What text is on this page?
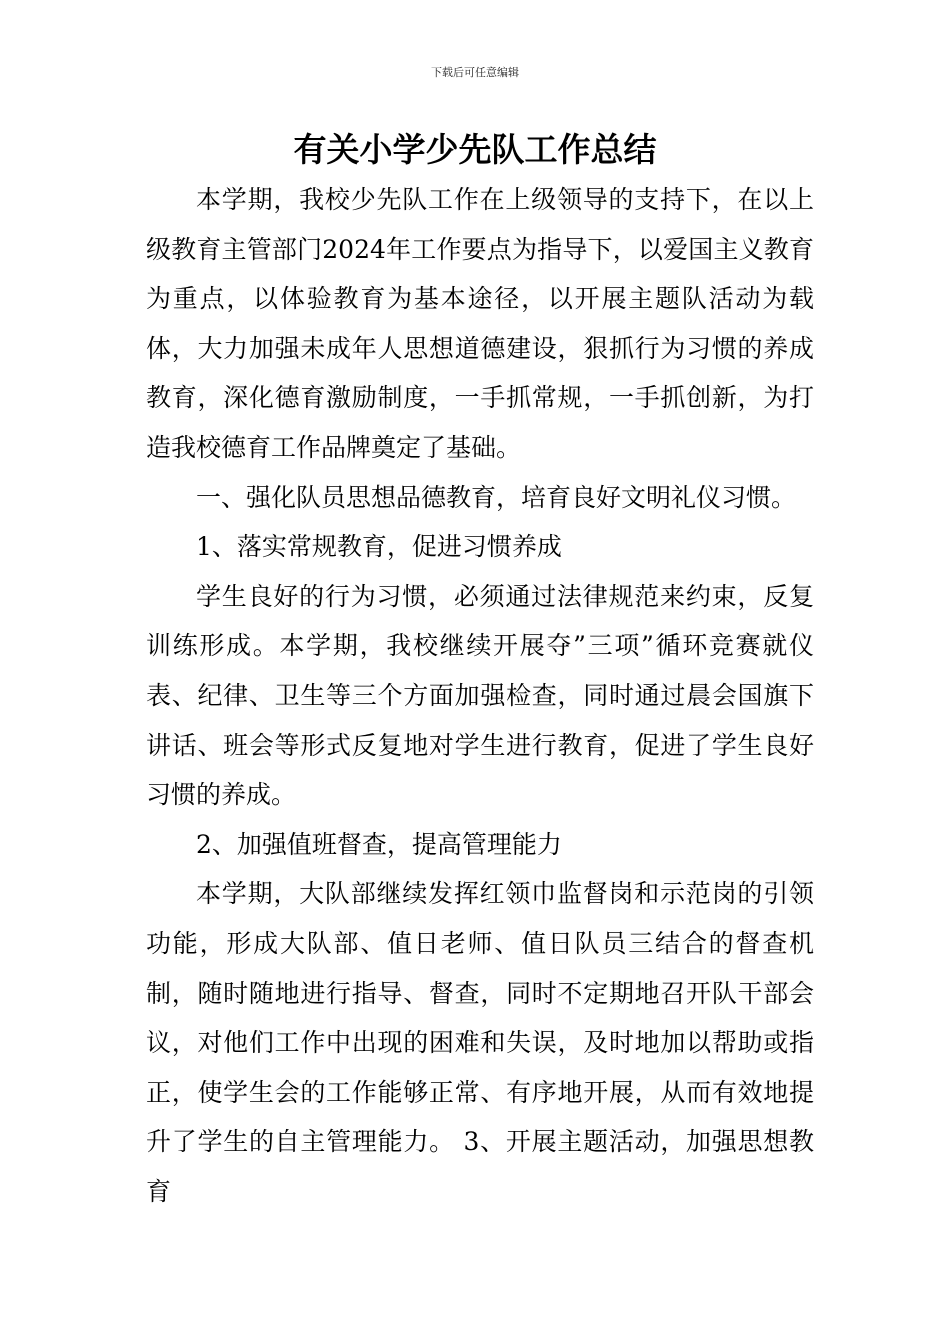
下载后可任意编辑
有关小学少先队工作总结

本学期，我校少先队工作在上级领导的支持下，在以上级教育主管部门2024年工作要点为指导下，以爱国主义教育为重点，以体验教育为基本途径，以开展主题队活动为载体，大力加强未成年人思想道德建设，狠抓行为习惯的养成教育，深化德育激励制度，一手抓常规，一手抓创新，为打造我校德育工作品牌奠定了基础。

一、强化队员思想品德教育，培育良好文明礼仪习惯。

1、落实常规教育，促进习惯养成

学生良好的行为习惯，必须通过法律规范来约束，反复训练形成。本学期，我校继续开展夺”三项”循环竞赛就仪表、纪律、卫生等三个方面加强检查，同时通过晨会国旗下讲话、班会等形式反复地对学生进行教育，促进了学生良好习惯的养成。

2、加强值班督查，提高管理能力

本学期，大队部继续发挥红领巾监督岗和示范岗的引领功能，形成大队部、值日老师、值日队员三结合的督查机制，随时随地进行指导、督查，同时不定期地召开队干部会议，对他们工作中出现的困难和失误，及时地加以帮助或指正，使学生会的工作能够正常、有序地开展，从而有效地提升了学生的自主管理能力。 3、开展主题活动，加强思想教育
